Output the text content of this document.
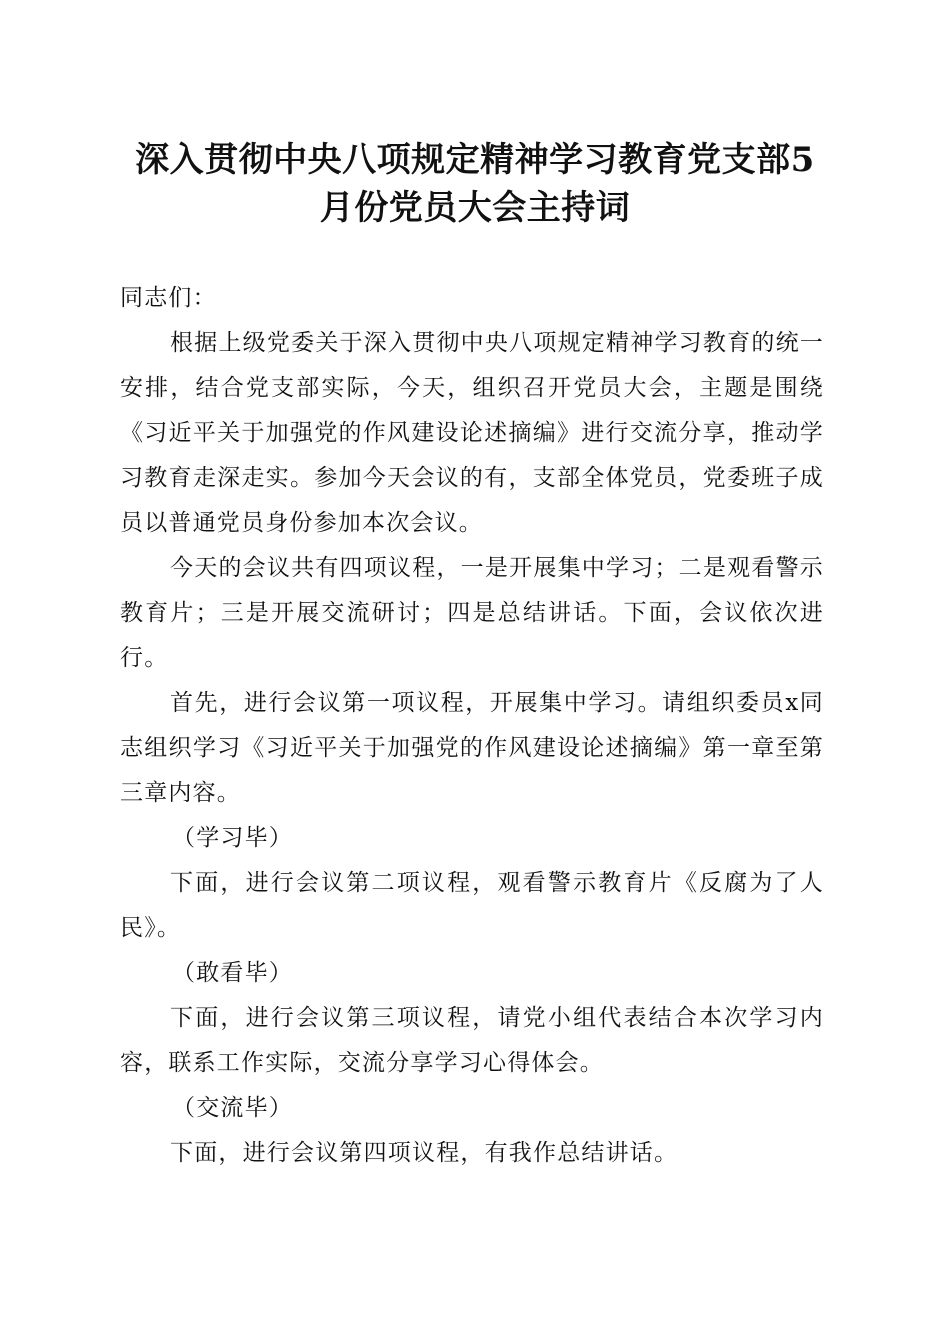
深入贯彻中央八项规定精神学习教育党支部5
月份党员大会主持词

同志们：

根据上级党委关于深入贯彻中央八项规定精神学习教育的统一安排，结合党支部实际，今天，组织召开党员大会，主题是围绕《习近平关于加强党的作风建设论述摘编》进行交流分享，推动学习教育走深走实。参加今天会议的有，支部全体党员，党委班子成员以普通党员身份参加本次会议。

今天的会议共有四项议程，一是开展集中学习；二是观看警示教育片；三是开展交流研讨；四是总结讲话。下面，会议依次进行。

首先，进行会议第一项议程，开展集中学习。请组织委员x同志组织学习《习近平关于加强党的作风建设论述摘编》第一章至第三章内容。

（学习毕）

下面，进行会议第二项议程，观看警示教育片《反腐为了人民》。

（敢看毕）

下面，进行会议第三项议程，请党小组代表结合本次学习内容，联系工作实际，交流分享学习心得体会。

（交流毕）

下面，进行会议第四项议程，有我作总结讲话。
